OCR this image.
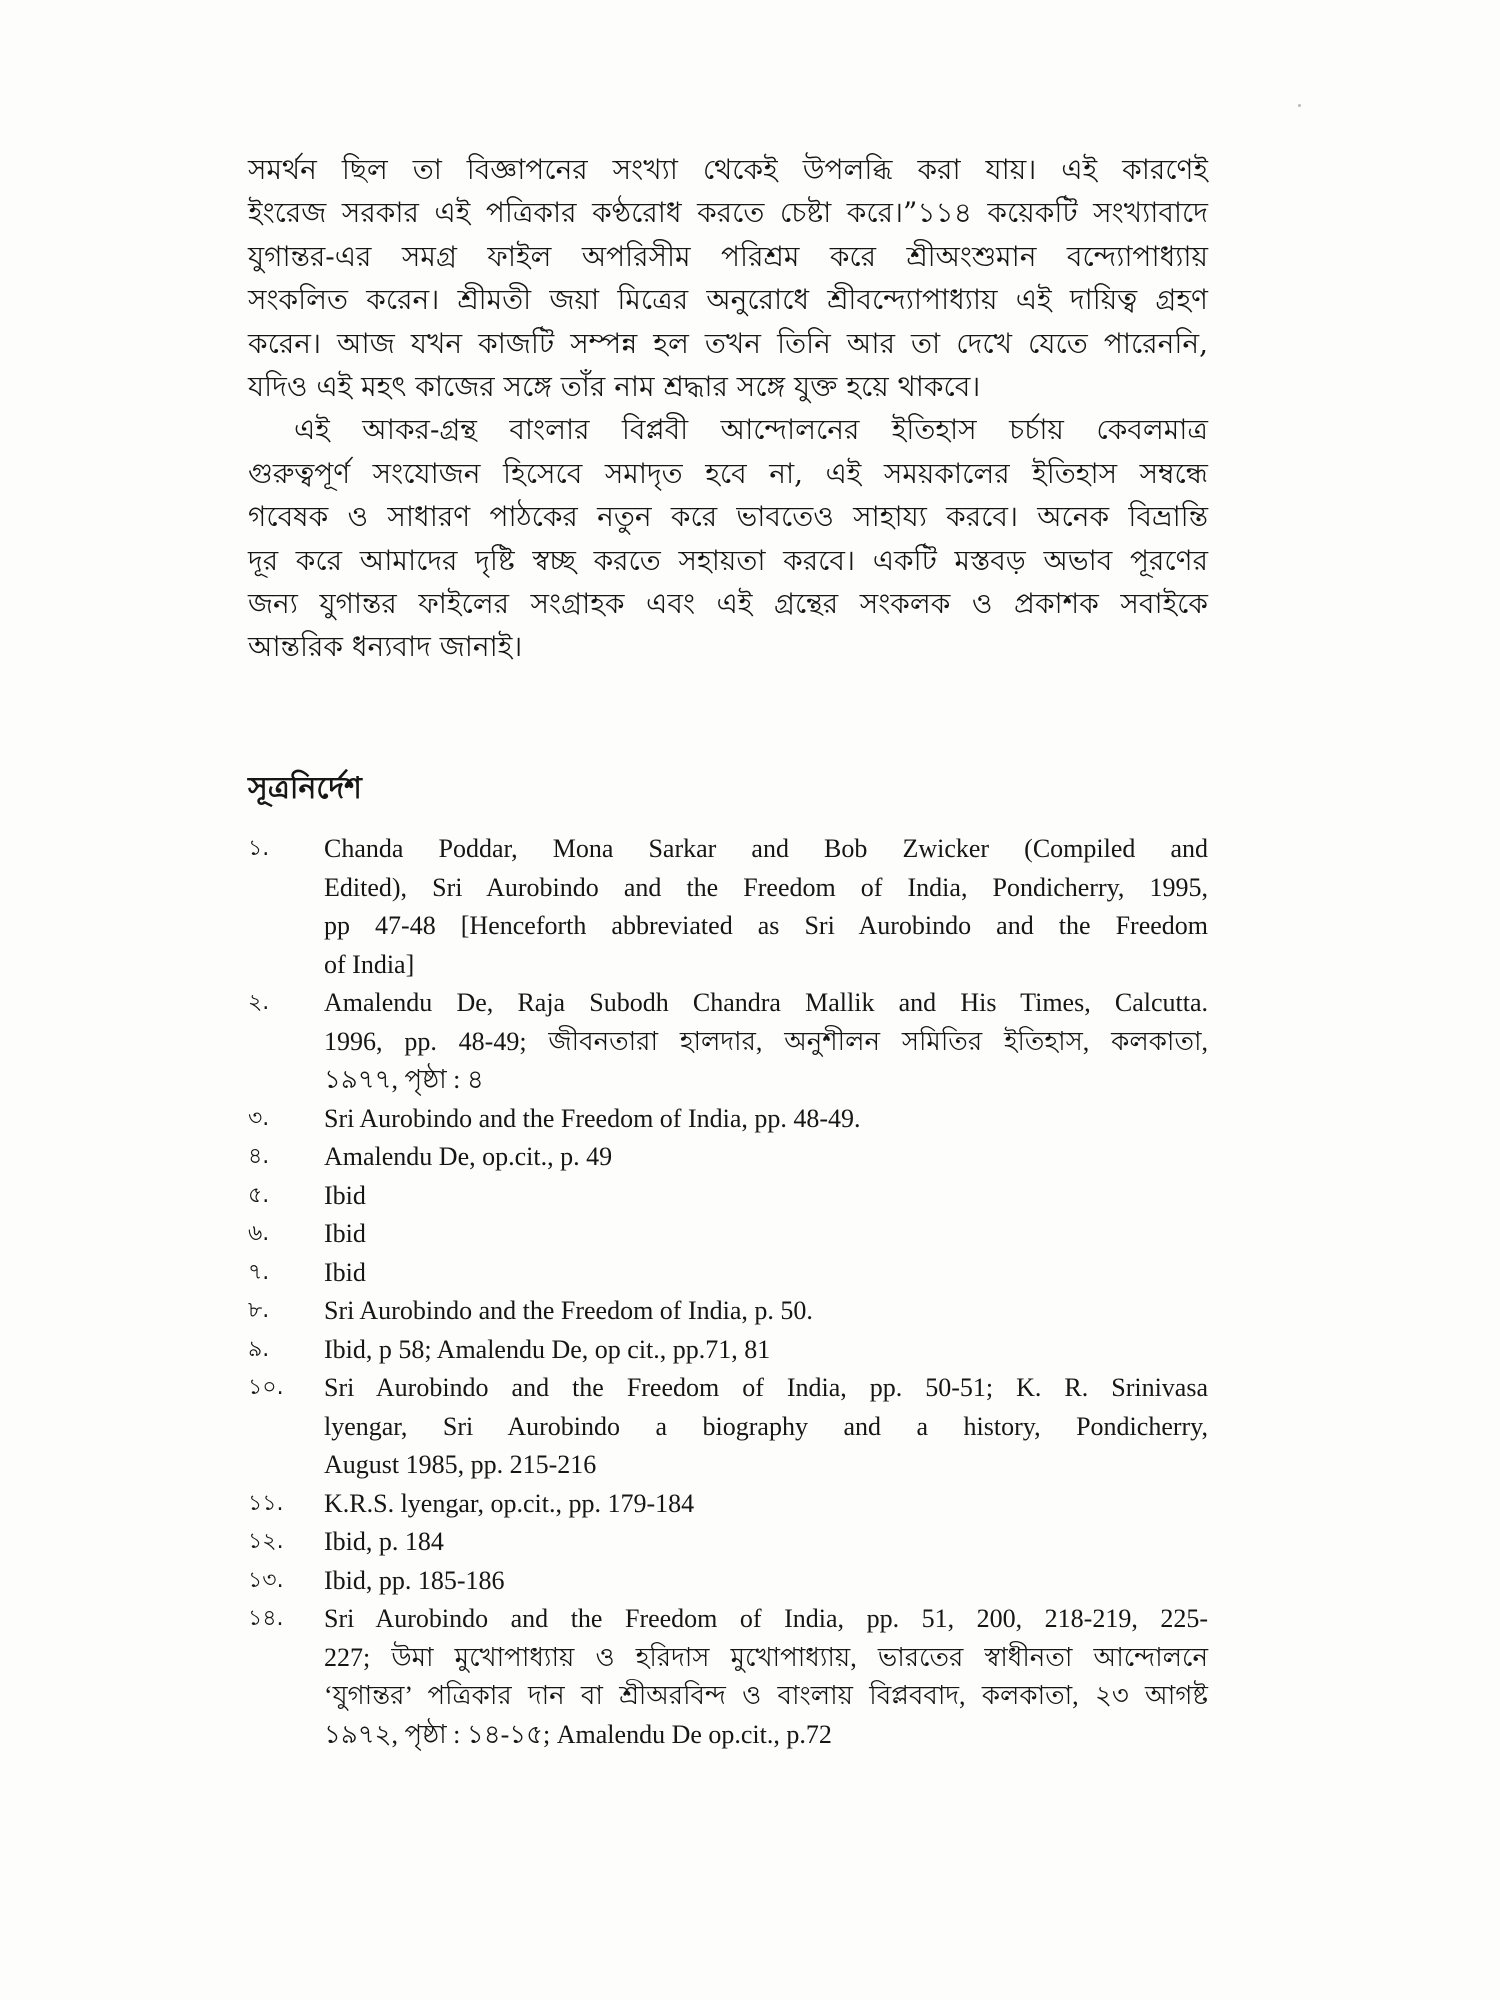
সমর্থন ছিল তা বিজ্ঞাপনের সংখ্যা থেকেই উপলব্ধি করা যায়। এই কারণেই
ইংরেজ সরকার এই পত্রিকার কণ্ঠরোধ করতে চেষ্টা করে।”১১৪ কয়েকটি সংখ্যাবাদে
যুগান্তর-এর সমগ্র ফাইল অপরিসীম পরিশ্রম করে শ্রীঅংশুমান বন্দ্যোপাধ্যায়
সংকলিত করেন। শ্রীমতী জয়া মিত্রের অনুরোধে শ্রীবন্দ্যোপাধ্যায় এই দায়িত্ব গ্রহণ
করেন। আজ যখন কাজটি সম্পন্ন হল তখন তিনি আর তা দেখে যেতে পারেননি,
যদিও এই মহৎ কাজের সঙ্গে তাঁর নাম শ্রদ্ধার সঙ্গে যুক্ত হয়ে থাকবে।

এই আকর-গ্রন্থ বাংলার বিপ্লবী আন্দোলনের ইতিহাস চর্চায় কেবলমাত্র
গুরুত্বপূর্ণ সংযোজন হিসেবে সমাদৃত হবে না, এই সময়কালের ইতিহাস সম্বন্ধে
গবেষক ও সাধারণ পাঠকের নতুন করে ভাবতেও সাহায্য করবে। অনেক বিভ্রান্তি
দূর করে আমাদের দৃষ্টি স্বচ্ছ করতে সহায়তা করবে। একটি মস্তবড় অভাব পূরণের
জন্য যুগান্তর ফাইলের সংগ্রাহক এবং এই গ্রন্থের সংকলক ও প্রকাশক সবাইকে
আন্তরিক ধন্যবাদ জানাই।

সূত্রনির্দেশ
১.	Chanda Poddar, Mona Sarkar and Bob Zwicker (Compiled and
Edited), Sri Aurobindo and the Freedom of India, Pondicherry, 1995,
pp 47-48 [Henceforth abbreviated as Sri Aurobindo and the Freedom
of India]
২.	Amalendu De, Raja Subodh Chandra Mallik and His Times, Calcutta.
1996, pp. 48-49; জীবনতারা হালদার, অনুশীলন সমিতির ইতিহাস, কলকাতা,
১৯৭৭, পৃষ্ঠা : ৪
৩.	Sri Aurobindo and the Freedom of India, pp. 48-49.
৪.	Amalendu De, op.cit., p. 49
৫.	Ibid
৬.	Ibid
৭.	Ibid
৮.	Sri Aurobindo and the Freedom of India, p. 50.
৯.	Ibid, p 58; Amalendu De, op cit., pp.71, 81
১০.	Sri Aurobindo and the Freedom of India, pp. 50-51; K. R. Srinivasa
lyengar, Sri Aurobindo a biography and a history, Pondicherry,
August 1985, pp. 215-216
১১.	K.R.S. lyengar, op.cit., pp. 179-184
১২.	Ibid, p. 184
১৩.	Ibid, pp. 185-186
১৪.	Sri Aurobindo and the Freedom of India, pp. 51, 200, 218-219, 225-
227; উমা মুখোপাধ্যায় ও হরিদাস মুখোপাধ্যায়, ভারতের স্বাধীনতা আন্দোলনে
‘যুগান্তর’ পত্রিকার দান বা শ্রীঅরবিন্দ ও বাংলায় বিপ্লববাদ, কলকাতা, ২৩ আগষ্ট
১৯৭২, পৃষ্ঠা : ১৪-১৫; Amalendu De op.cit., p.72
